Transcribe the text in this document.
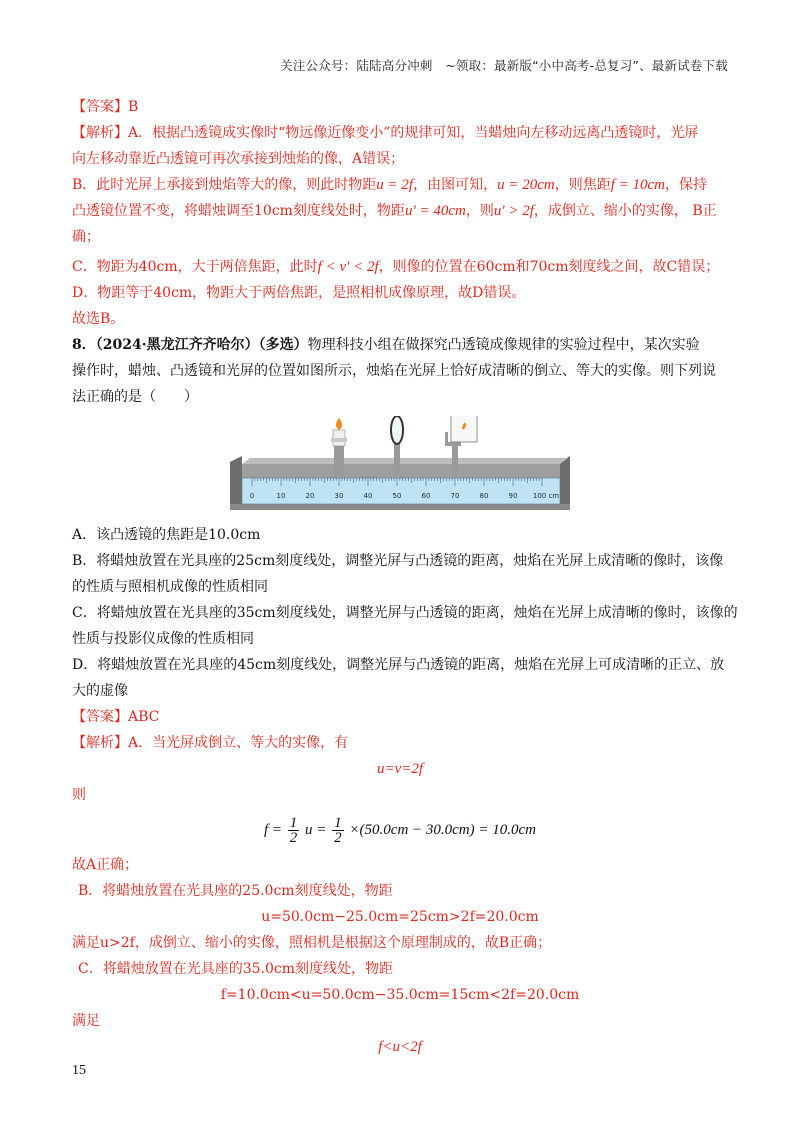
关注公众号：陆陆高分冲刺　~领取：最新版“小中高考-总复习”、最新试卷下载
【答案】B
【解析】A．根据凸透镜成实像时“物远像近像变小”的规律可知，当蜡烛向左移动远离凸透镜时，光屏
向左移动靠近凸透镜可再次承接到烛焰的像，A错误；
B．此时光屏上承接到烛焰等大的像，则此时物距u = 2f，由图可知，u = 20cm，则焦距f = 10cm，保持
凸透镜位置不变，将蜡烛调至10cm刻度线处时，物距u′ = 40cm，则u′ > 2f，成倒立、缩小的实像， B正
确；
C．物距为40cm，大于两倍焦距，此时f < v′ < 2f，则像的位置在60cm和70cm刻度线之间，故C错误；
D．物距等于40cm，物距大于两倍焦距，是照相机成像原理，故D错误。
故选B。
8．（2024·黑龙江齐齐哈尔）（多选）物理科技小组在做探究凸透镜成像规律的实验过程中，某次实验
操作时，蜡烛、凸透镜和光屏的位置如图所示，烛焰在光屏上恰好成清晰的倒立、等大的实像。则下列说
法正确的是（　　）
0	10	20	30	40	50	60	70	80	90 100 cm
A．该凸透镜的焦距是10.0cm
B．将蜡烛放置在光具座的25cm刻度线处，调整光屏与凸透镜的距离，烛焰在光屏上成清晰的像时，该像
的性质与照相机成像的性质相同
C．将蜡烛放置在光具座的35cm刻度线处，调整光屏与凸透镜的距离，烛焰在光屏上成清晰的像时，该像的
性质与投影仪成像的性质相同
D．将蜡烛放置在光具座的45cm刻度线处，调整光屏与凸透镜的距离，烛焰在光屏上可成清晰的正立、放
大的虚像
【答案】ABC
【解析】A．当光屏成倒立、等大的实像，有
u=v=2f
则
$f = \frac{1}{2}$ $u = \frac{1}{2} \times(50.0cm - 30.0cm) = 10.0cm$
故A正确；
B．将蜡烛放置在光具座的25.0cm刻度线处，物距
u=50.0cm−25.0cm=25cm>2f=20.0cm
满足u>2f，成倒立、缩小的实像，照相机是根据这个原理制成的，故B正确；
C．将蜡烛放置在光具座的35.0cm刻度线处，物距
f=10.0cm<u=50.0cm−35.0cm=15cm<2f=20.0cm
满足
f<u<2f
15
